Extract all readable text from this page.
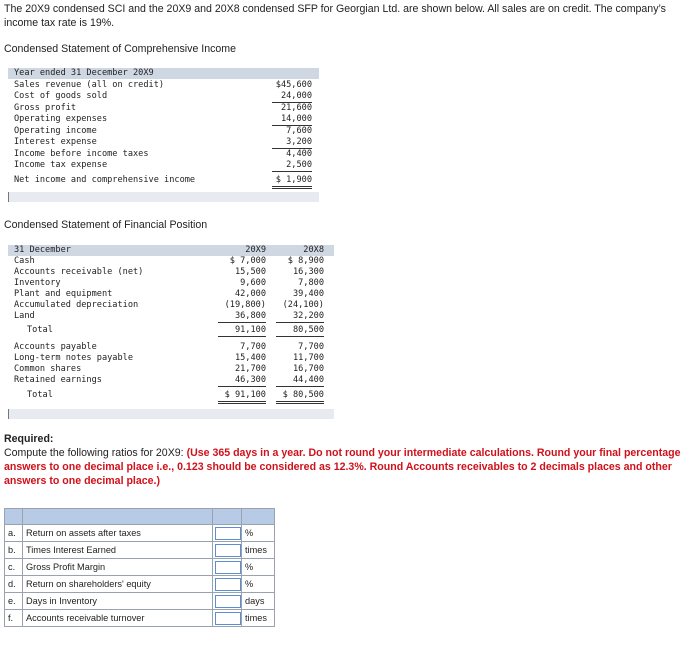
The 20X9 condensed SCI and the 20X9 and 20X8 condensed SFP for Georgian Ltd. are shown below. All sales are on credit. The company’s income tax rate is 19%.
Condensed Statement of Comprehensive Income
Year ended 31 December 20X9
Sales revenue (all on credit)	$45,600
Cost of goods sold	24,000
Gross profit	21,600
Operating expenses	14,000
Operating income	7,600
Interest expense	3,200
Income before income taxes	4,400
Income tax expense	2,500
Net income and comprehensive income	$ 1,900
Condensed Statement of Financial Position
31 December	20X9	20X8
Cash	$ 7,000	$ 8,900
Accounts receivable (net)	15,500	16,300
Inventory	9,600	7,800
Plant and equipment	42,000	39,400
Accumulated depreciation	(19,800)	(24,100)
Land	36,800	32,200
Total	91,100	80,500
Accounts payable	7,700	7,700
Long-term notes payable	15,400	11,700
Common shares	21,700	16,700
Retained earnings	46,300	44,400
Total	$ 91,100	$ 80,500
Required:
Compute the following ratios for 20X9: (Use 365 days in a year. Do not round your intermediate calculations. Round your final percentage answers to one decimal place i.e., 0.123 should be considered as 12.3%. Round Accounts receivables to 2 decimals places and other answers to one decimal place.)

a.	Return on assets after taxes		%
b.	Times Interest Earned		times
c.	Gross Profit Margin		%
d.	Return on shareholders' equity		%
e.	Days in Inventory		days
f.	Accounts receivable turnover		times
